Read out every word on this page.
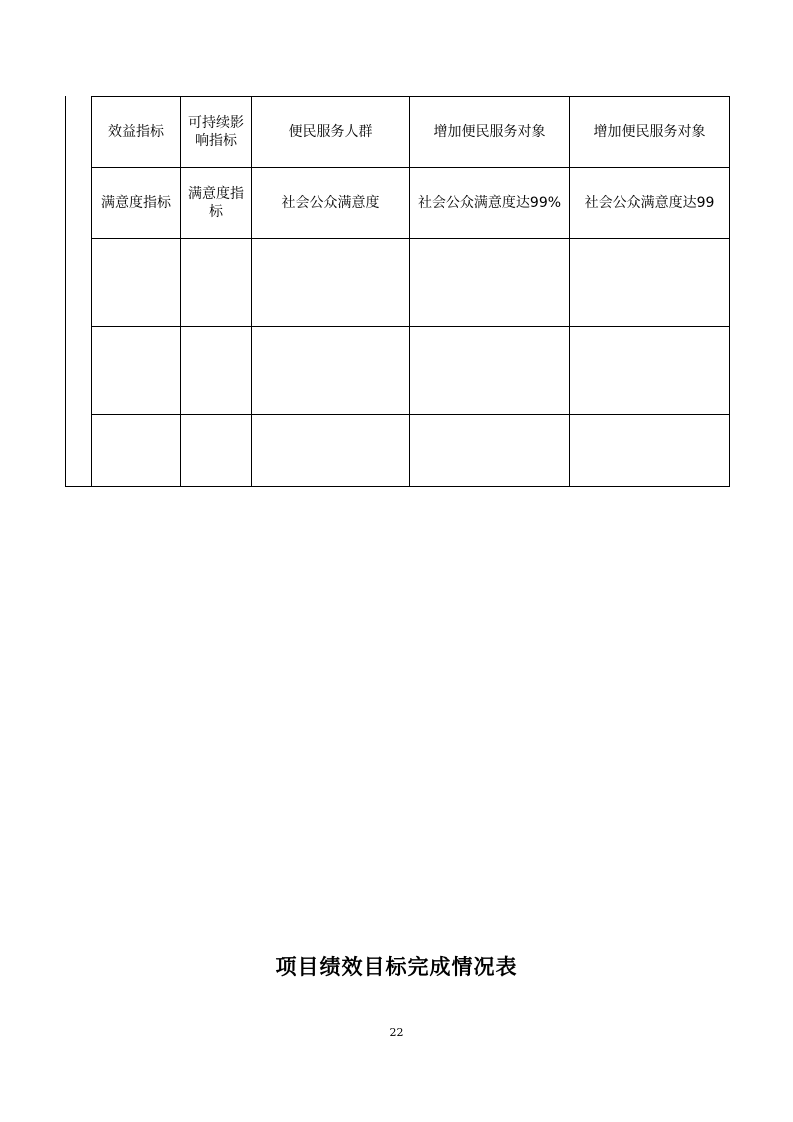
效益指标	可持续影响指标	便民服务人群	增加便民服务对象	增加便民服务对象
满意度指标	满意度指标	社会公众满意度	社会公众满意度达99%	社会公众满意度达99

项目绩效目标完成情况表
22
